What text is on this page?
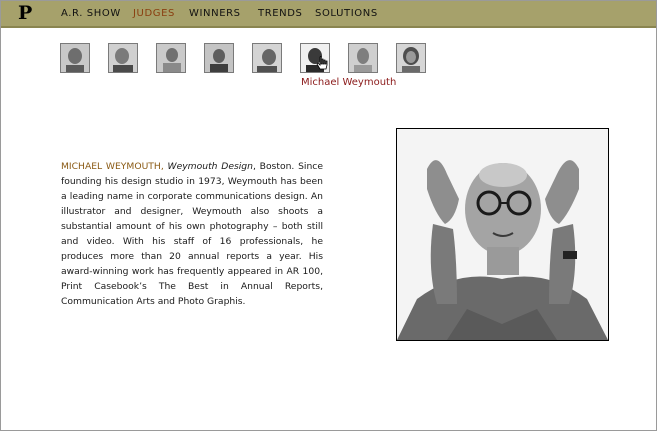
P	A.R. SHOW JUDGES WINNERS TRENDS SOLUTIONS
Michael Weymouth
MICHAEL WEYMOUTH, Weymouth Design, Boston. Since founding his design studio in 1973, Weymouth has been a leading name in corporate communications design. An illustrator and designer, Weymouth also shoots a substantial amount of his own photography – both still and video. With his staff of 16 professionals, he produces more than 20 annual reports a year. His award-winning work has frequently appeared in AR 100, Print Casebook’s The Best in Annual Reports, Communication Arts and Photo Graphis.
